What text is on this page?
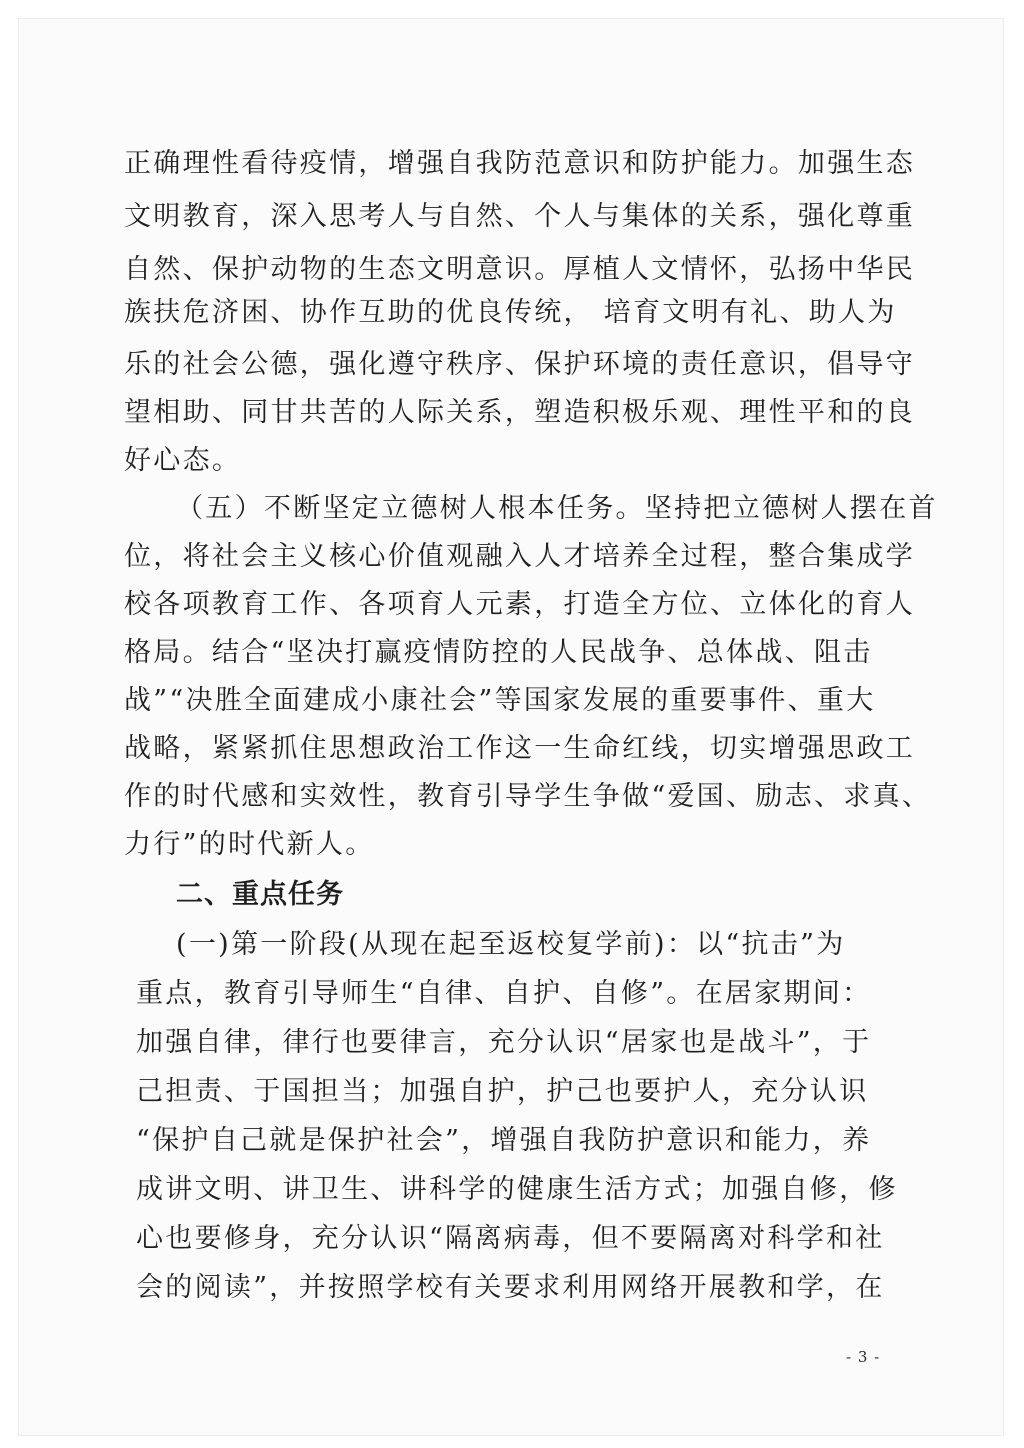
正确理性看待疫情，增强自我防范意识和防护能力。加强生态
文明教育，深入思考人与自然、个人与集体的关系，强化尊重
自然、保护动物的生态文明意识。厚植人文情怀，弘扬中华民
族扶危济困、协作互助的优良传统， 培育文明有礼、助人为
乐的社会公德，强化遵守秩序、保护环境的责任意识，倡导守
望相助、同甘共苦的人际关系，塑造积极乐观、理性平和的良
好心态。
（五）不断坚定立德树人根本任务。坚持把立德树人摆在首
位，将社会主义核心价值观融入人才培养全过程，整合集成学
校各项教育工作、各项育人元素，打造全方位、立体化的育人
格局。结合“坚决打赢疫情防控的人民战争、总体战、阻击
战”“决胜全面建成小康社会”等国家发展的重要事件、重大
战略，紧紧抓住思想政治工作这一生命红线，切实增强思政工
作的时代感和实效性，教育引导学生争做“爱国、励志、求真、
力行”的时代新人。
二、重点任务
(一)第一阶段(从现在起至返校复学前)：以“抗击”为
重点，教育引导师生“自律、自护、自修”。在居家期间：
加强自律，律行也要律言，充分认识“居家也是战斗”，于
己担责、于国担当；加强自护，护己也要护人，充分认识
“保护自己就是保护社会”，增强自我防护意识和能力，养
成讲文明、讲卫生、讲科学的健康生活方式；加强自修，修
心也要修身，充分认识“隔离病毒，但不要隔离对科学和社
会的阅读”，并按照学校有关要求利用网络开展教和学，在
- 3 -
